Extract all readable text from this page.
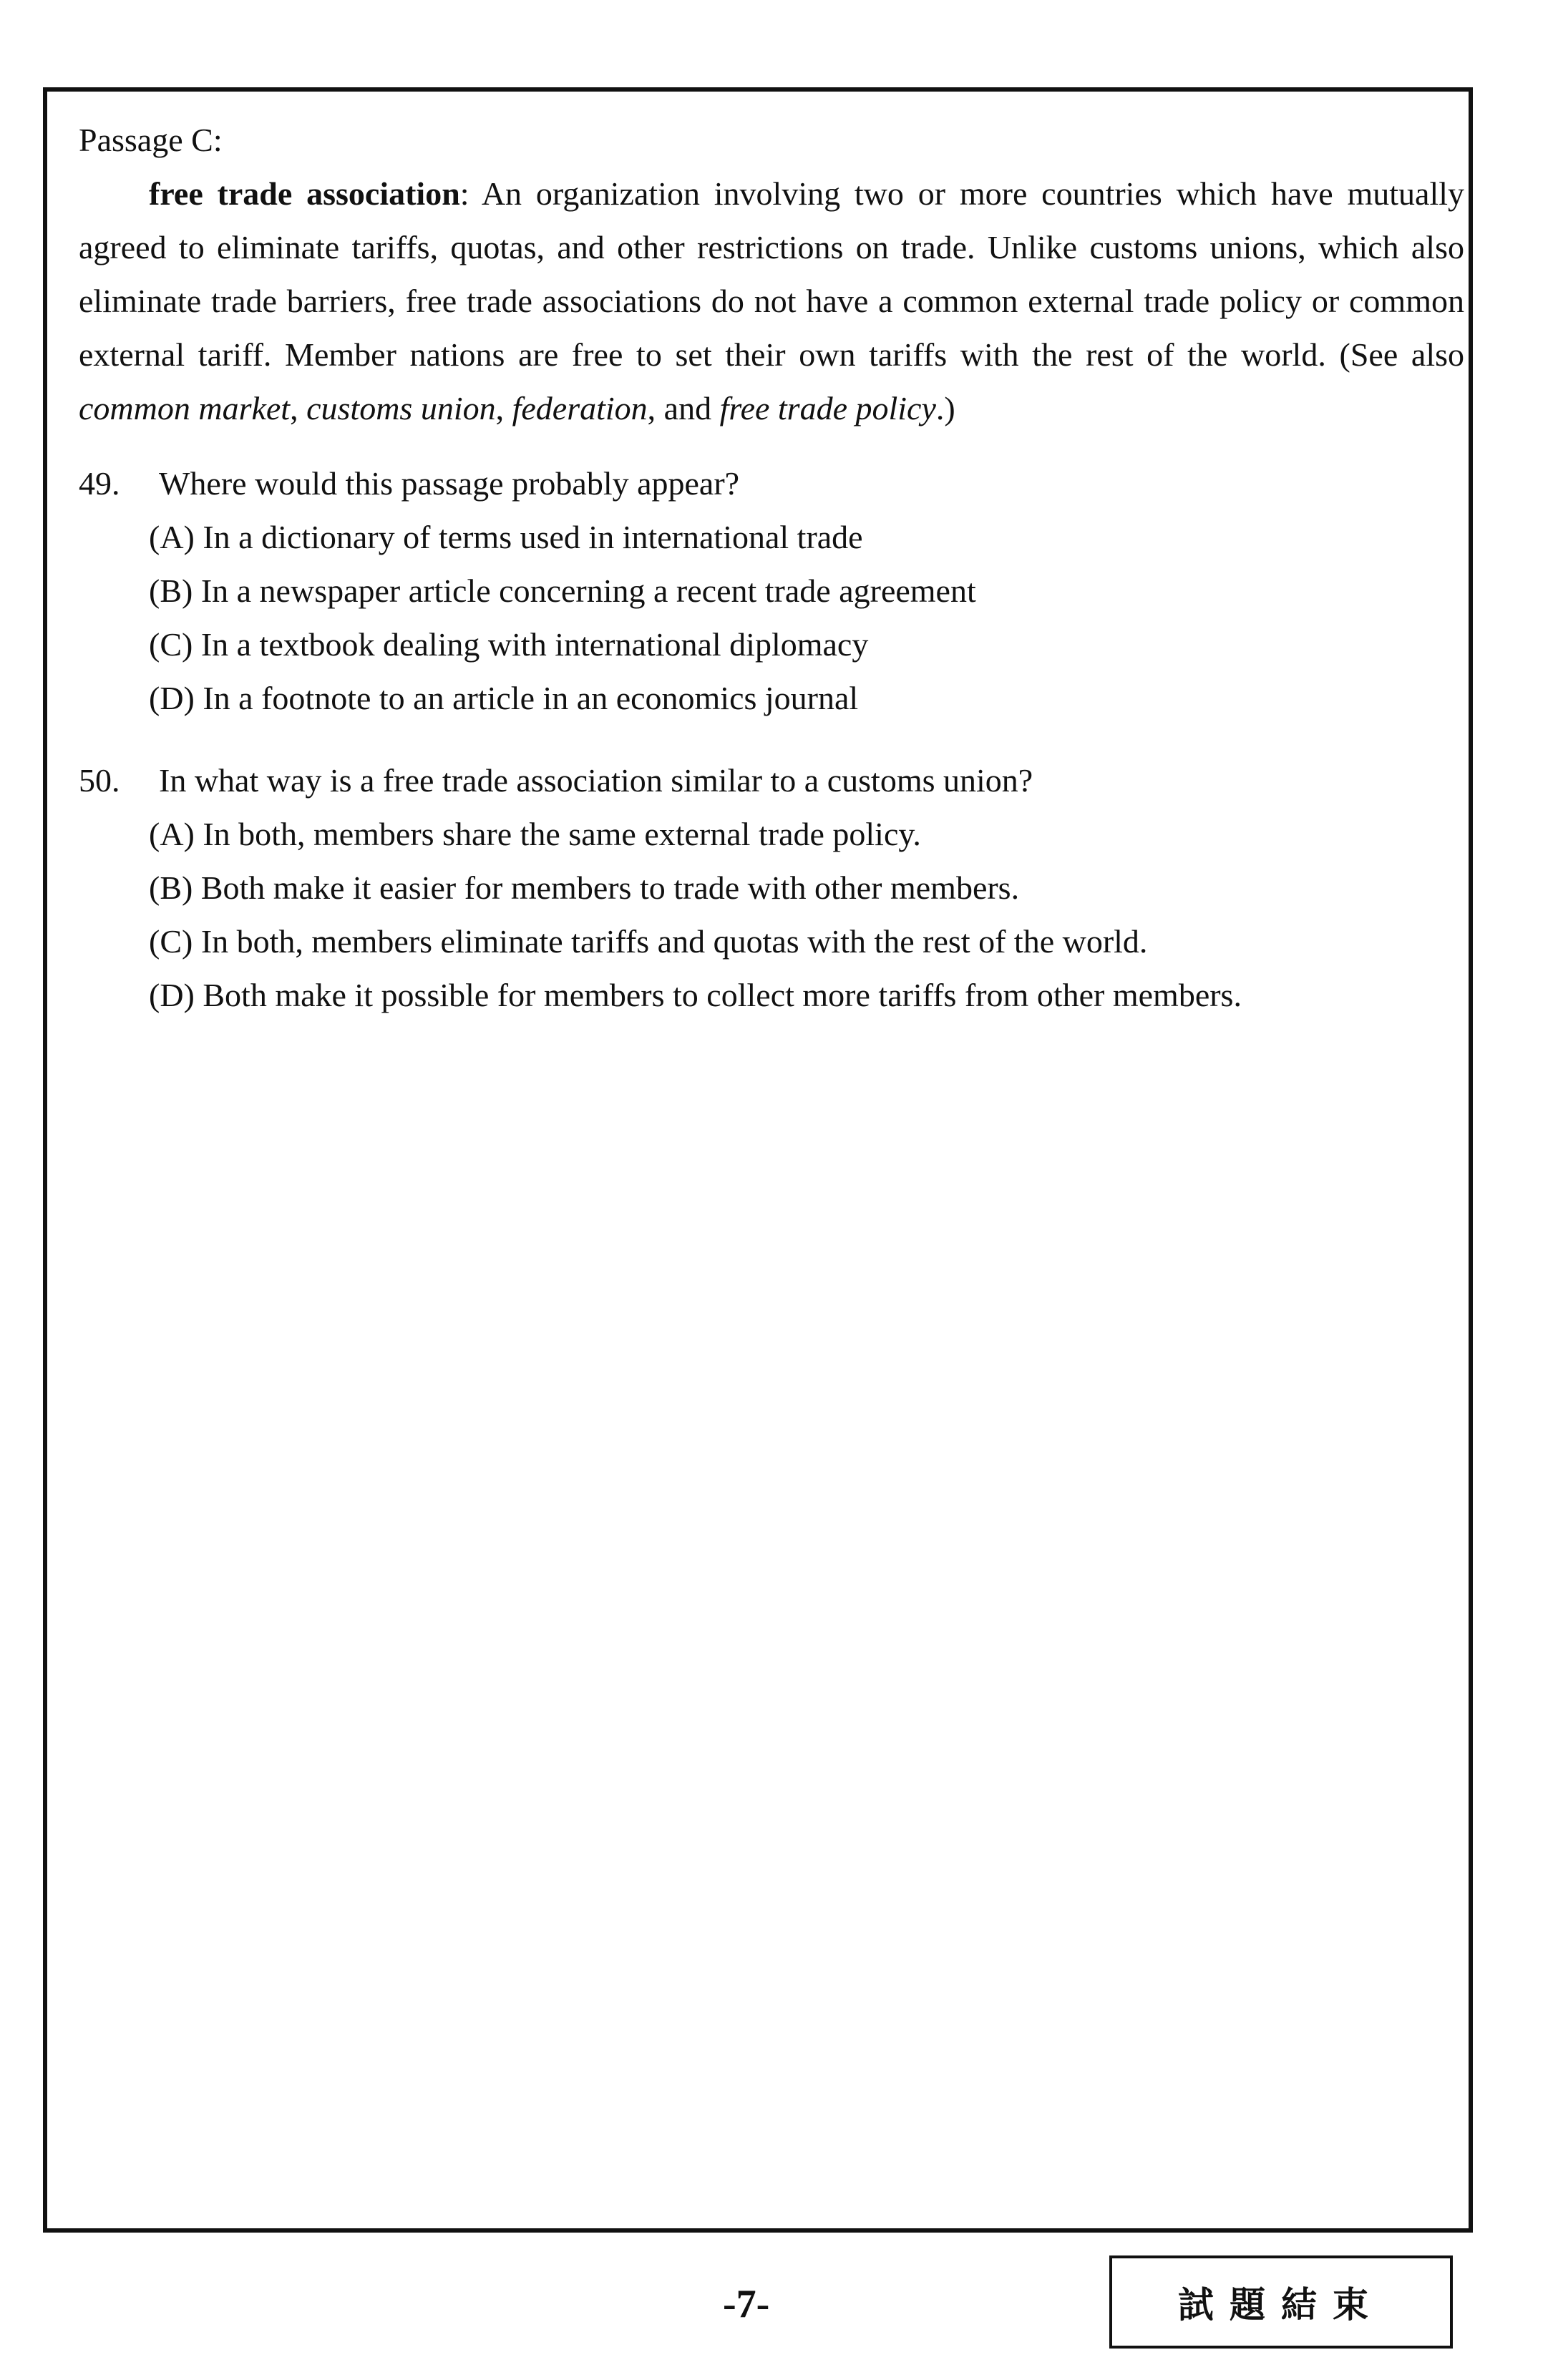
Passage C:

free trade association: An organization involving two or more countries which have mutually agreed to eliminate tariffs, quotas, and other restrictions on trade. Unlike customs unions, which also eliminate trade barriers, free trade associations do not have a common external trade policy or common external tariff. Member nations are free to set their own tariffs with the rest of the world. (See also common market, customs union, federation, and free trade policy.)

49.	Where would this passage probably appear?

(A) In a dictionary of terms used in international trade

(B) In a newspaper article concerning a recent trade agreement

(C) In a textbook dealing with international diplomacy

(D) In a footnote to an article in an economics journal

50.	In what way is a free trade association similar to a customs union?

(A) In both, members share the same external trade policy.

(B) Both make it easier for members to trade with other members.

(C) In both, members eliminate tariffs and quotas with the rest of the world.

(D) Both make it possible for members to collect more tariffs from other members.

-7-	試題結束
